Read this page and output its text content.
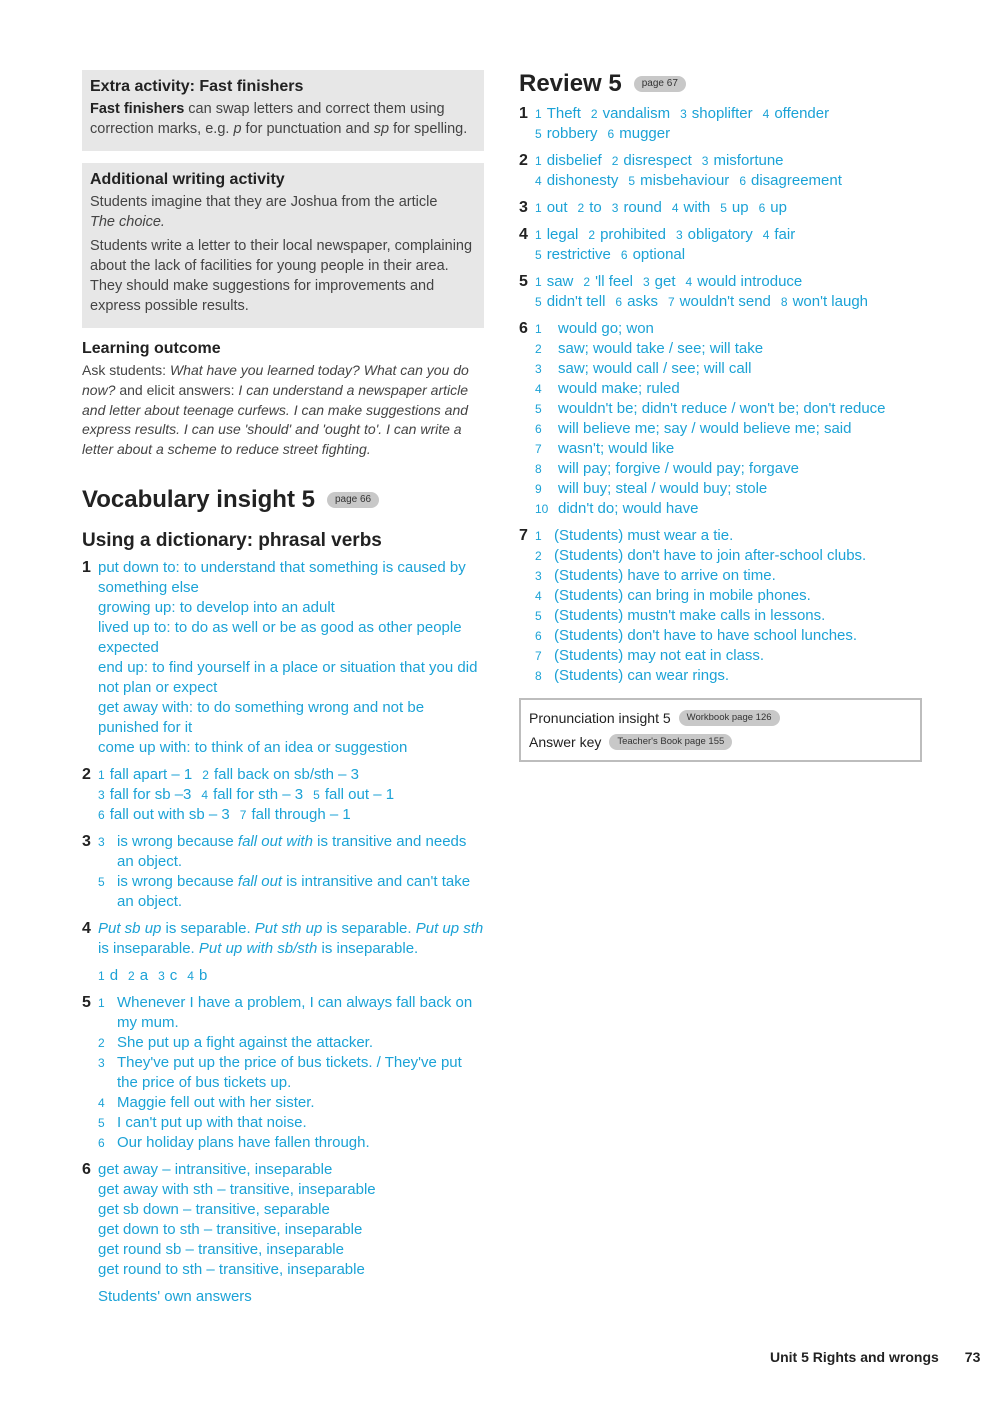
Extra activity: Fast finishers

Fast finishers can swap letters and correct them using correction marks, e.g. p for punctuation and sp for spelling.

Additional writing activity

Students imagine that they are Joshua from the article
The choice.

Students write a letter to their local newspaper, complaining about the lack of facilities for young people in their area. They should make suggestions for improvements and express possible results.

Learning outcome

Ask students: What have you learned today? What can you do now? and elicit answers: I can understand a newspaper article and letter about teenage curfews. I can make suggestions and express results. I can use 'should' and 'ought to'. I can write a letter about a scheme to reduce street fighting.

Vocabulary insight 5	page 66
Using a dictionary: phrasal verbs
1 put down to: to understand that something is caused by something else
growing up: to develop into an adult
lived up to: to do as well or be as good as other people expected
end up: to find yourself in a place or situation that you did not plan or expect
get away with: to do something wrong and not be punished for it
come up with: to think of an idea or suggestion
2 1 fall apart – 1 2 fall back on sb/sth – 3
3 fall for sb –3 4 fall for sth – 3 5 fall out – 1
6 fall out with sb – 3 7 fall through – 1
3 3 is wrong because fall out with is transitive and needs an object.
5 is wrong because fall out is intransitive and can't take an object.
4 Put sb up is separable. Put sth up is separable. Put up sth is inseparable. Put up with sb/sth is inseparable.
1 d 2 a 3 c 4 b
5 1 Whenever I have a problem, I can always fall back on my mum.
2 She put up a fight against the attacker.
3 They've put up the price of bus tickets. / They've put the price of bus tickets up.
4 Maggie fell out with her sister.
5 I can't put up with that noise.
6 Our holiday plans have fallen through.
6 get away – intransitive, inseparable
get away with sth – transitive, inseparable
get sb down – transitive, separable
get down to sth – transitive, inseparable
get round sb – transitive, inseparable
get round to sth – transitive, inseparable
Students' own answers
Review 5	page 67
1 1 Theft 2 vandalism 3 shoplifter 4 offender
5 robbery 6 mugger
2 1 disbelief 2 disrespect 3 misfortune
4 dishonesty 5 misbehaviour 6 disagreement
3 1 out 2 to 3 round 4 with 5 up 6 up
4 1 legal 2 prohibited 3 obligatory 4 fair
5 restrictive 6 optional
5 1 saw 2 'll feel 3 get 4 would introduce
5 didn't tell 6 asks 7 wouldn't send 8 won't laugh
6 1	would go; won
2	saw; would take / see; will take
3	saw; would call / see; will call
4	would make; ruled
5	wouldn't be; didn't reduce / won't be; don't reduce
6	will believe me; say / would believe me; said
7	wasn't; would like
8	will pay; forgive / would pay; forgave
9	will buy; steal / would buy; stole
10 didn't do; would have
7 1 (Students) must wear a tie.
2 (Students) don't have to join after-school clubs.
3 (Students) have to arrive on time.
4 (Students) can bring in mobile phones.
5 (Students) mustn't make calls in lessons.
6 (Students) don't have to have school lunches.
7 (Students) may not eat in class.
8 (Students) can wear rings.
Pronunciation insight 5	Workbook page 126
Answer key	Teacher's Book page 155
Unit 5 Rights and wrongs 73
